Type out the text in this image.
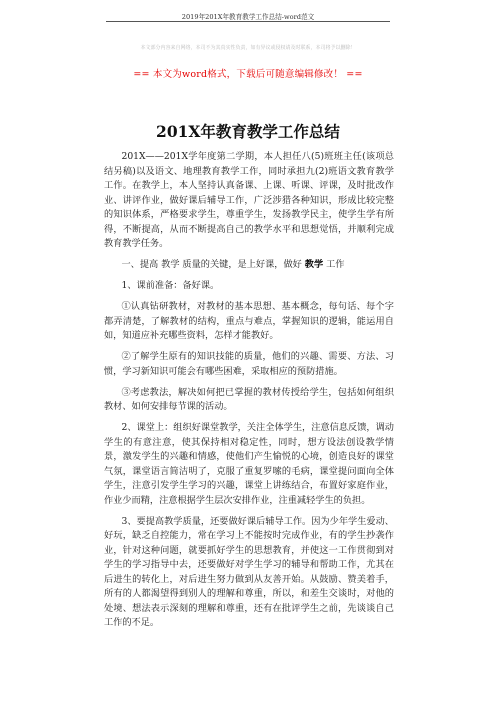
2019年201X年教育教学工作总结-word范文
本文部分内容来自网络，本司不为其真实性负责，如有异议或侵权请及时联系，本司将予以删除！
== 本文为word格式，下载后可随意编辑修改！ ==
201X年教育教学工作总结

201X——201X学年度第二学期，本人担任八(5)班班主任(该项总结另稿)以及语文、地理教育教学工作，同时承担九(2)班语文教育教学工作。在教学上，本人坚持认真备课、上课、听课、评课，及时批改作业、讲评作业，做好课后辅导工作，广泛涉猎各种知识，形成比较完整的知识体系，严格要求学生，尊重学生，发扬教学民主，使学生学有所得，不断提高，从而不断提高自己的教学水平和思想觉悟，并顺利完成教育教学任务。

一、提高 教学 质量的关键，是上好课，做好 教学 工作

1、课前准备：备好课。

①认真钻研教材，对教材的基本思想、基本概念，每句话、每个字都弄清楚，了解教材的结构，重点与难点，掌握知识的逻辑，能运用自如，知道应补充哪些资料，怎样才能教好。

②了解学生原有的知识技能的质量，他们的兴趣、需要、方法、习惯，学习新知识可能会有哪些困难，采取相应的预防措施。

③考虑教法，解决如何把已掌握的教材传授给学生，包括如何组织教材、如何安排每节课的活动。

2、课堂上：组织好课堂教学，关注全体学生，注意信息反馈，调动学生的有意注意，使其保持相对稳定性，同时，想方设法创设教学情景，激发学生的兴趣和情感，使他们产生愉悦的心境，创造良好的课堂气氛，课堂语言简洁明了，克服了重复罗嗦的毛病，课堂提问面向全体学生，注意引发学生学习的兴趣，课堂上讲练结合，布置好家庭作业，作业少而精，注意根据学生层次安排作业，注重减轻学生的负担。

3、要提高教学质量，还要做好课后辅导工作。因为少年学生爱动、好玩，缺乏自控能力，常在学习上不能按时完成作业，有的学生抄袭作业，针对这种问题，就要抓好学生的思想教育，并使这一工作贯彻到对学生的学习指导中去，还要做好对学生学习的辅导和帮助工作，尤其在后进生的转化上，对后进生努力做到从友善开始。从鼓励、赞美着手，所有的人都渴望得到别人的理解和尊重，所以，和差生交谈时，对他的处境、想法表示深刻的理解和尊重，还有在批评学生之前，先谈谈自己工作的不足。
